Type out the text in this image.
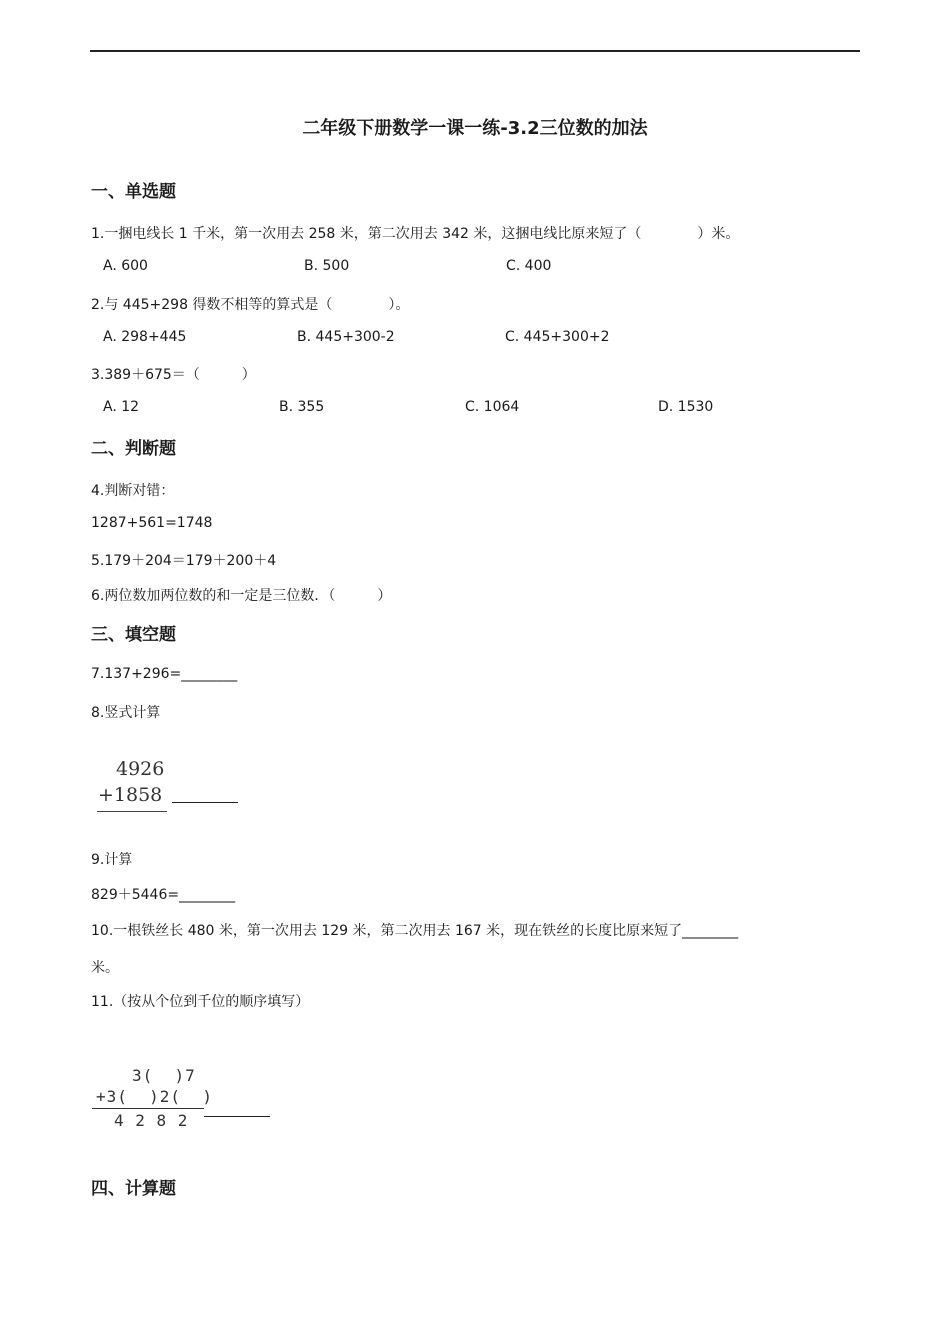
二年级下册数学一课一练-3.2三位数的加法
一、单选题
1.一捆电线长 1 千米，第一次用去 258 米，第二次用去 342 米，这捆电线比原来短了（　　　　）米。
A. 600	B. 500	C. 400
2.与 445+298 得数不相等的算式是（　　　　）。
A. 298+445	B. 445+300-2	C. 445+300+2
3.389＋675＝（　　　）
A. 12	B. 355	C. 1064	D. 1530
二、判断题
4.判断对错：
1287+561=1748
5.179＋204＝179＋200＋4
6.两位数加两位数的和一定是三位数．（　　　）
三、填空题
7.137+296=________
8.竖式计算
4926
+1858
9.计算
829＋5446=________
10.一根铁丝长 480 米，第一次用去 129 米，第二次用去 167 米，现在铁丝的长度比原来短了________
米。
11.（按从个位到千位的顺序填写）
3(  )7
+3(  )2(  )
4 2 8 2
四、计算题
